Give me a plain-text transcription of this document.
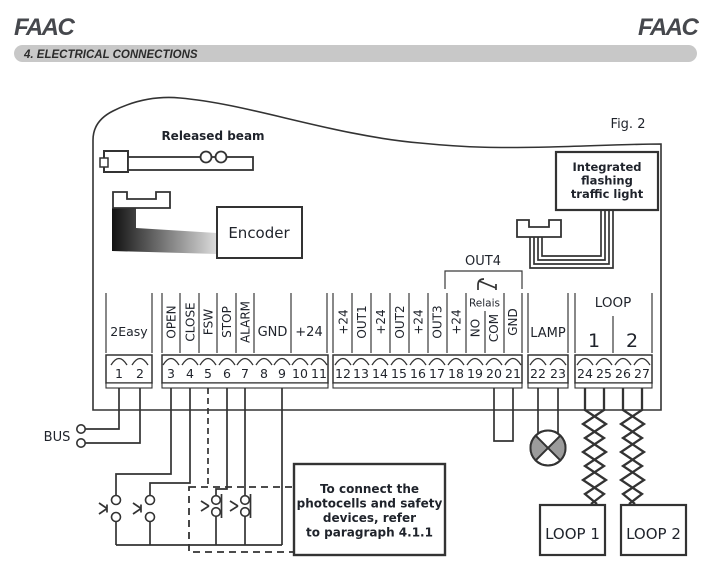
FAAC	FAAC
4. ELECTRICAL CONNECTIONS
Fig. 2
Released beam
Encoder
Integrated
flashing
traffic light
OUT4
Relais
2Easy OPEN CLOSE FSW STOP ALARM GND +24 +24 OUT1 +24 OUT2 +24 OUT3 +24 NO COM GND LAMP
LOOP
1 2
1 2 3 4 5 6 7 8 9 10 11 12 13 14 15 16 17 18 19 20 21 22 23 24 25 26 27
BUS
To connect the
photocells and safety
devices, refer
to paragraph 4.1.1	LOOP 1 LOOP 2
